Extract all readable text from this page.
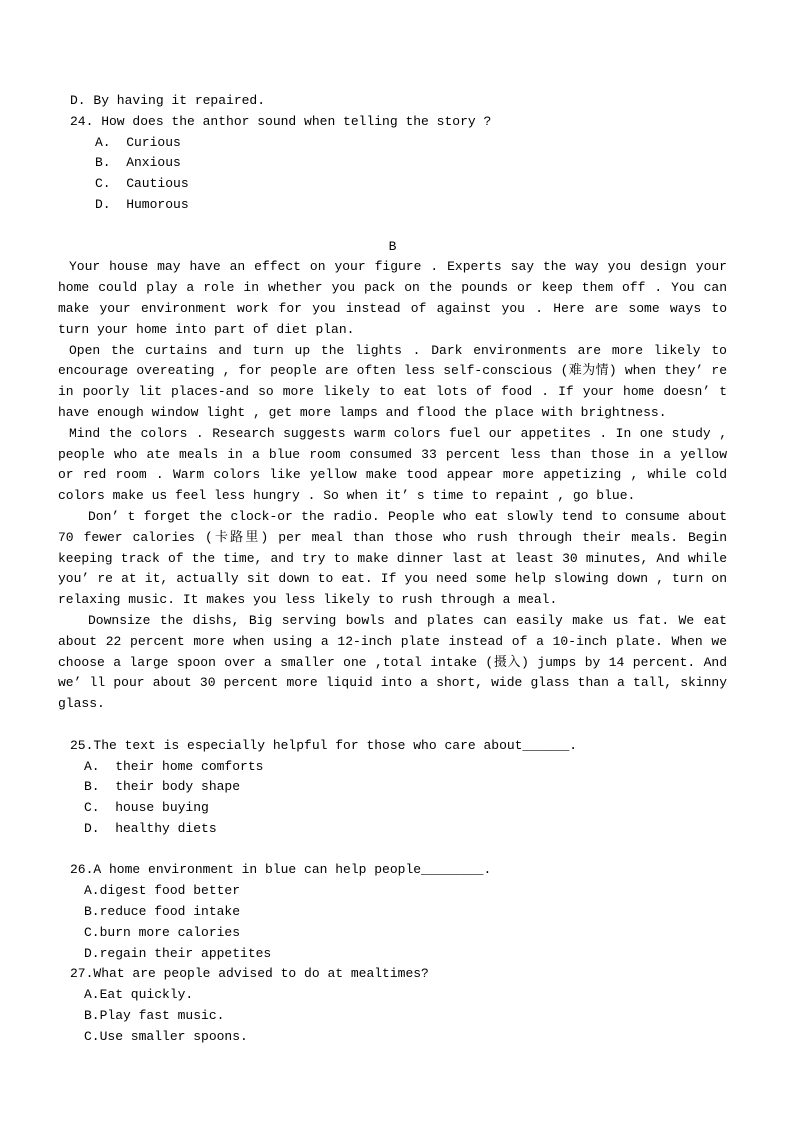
D. By having it repaired.
24. How does the anthor sound when telling the story ?
A.  Curious
B.  Anxious
C.  Cautious
D.  Humorous
B

Your house may have an effect on your figure . Experts say the way you design your home could play a role in whether you pack on the pounds or keep them off . You can make your environment work for you instead of against you . Here are some ways to turn your home into part of diet plan.

Open the curtains and turn up the lights . Dark environments are more likely to encourage overeating , for people are often less self-conscious (难为情) when they’ re in poorly lit places-and so more likely to eat lots of food . If your home doesn’ t have enough window light , get more lamps and flood the place with brightness.

Mind the colors . Research suggests warm colors fuel our appetites . In one study , people who ate meals in a blue room consumed 33 percent less than those in a yellow or red room . Warm colors like yellow make tood appear more appetizing , while cold colors make us feel less hungry . So when it’ s time to repaint , go blue.

Don’ t forget the clock-or the radio. People who eat slowly tend to consume about 70 fewer calories (卡路里) per meal than those who rush through their meals. Begin keeping track of the time, and try to make dinner last at least 30 minutes, And while you’ re at it, actually sit down to eat. If you need some help slowing down , turn on relaxing music. It makes you less likely to rush through a meal.

Downsize the dishs, Big serving bowls and plates can easily make us fat. We eat about 22 percent more when using a 12-inch plate instead of a 10-inch plate. When we choose a large spoon over a smaller one ,total intake (摄入) jumps by 14 percent. And we’ ll pour about 30 percent more liquid into a short, wide glass than a tall, skinny glass.

25.The text is especially helpful for those who care about______.
A.  their home comforts
B.  their body shape
C.  house buying
D.  healthy diets
26.A home environment in blue can help people________.
A.digest food better
B.reduce food intake
C.burn more calories
D.regain their appetites
27.What are people advised to do at mealtimes?
A.Eat quickly.
B.Play fast music.
C.Use smaller spoons.
